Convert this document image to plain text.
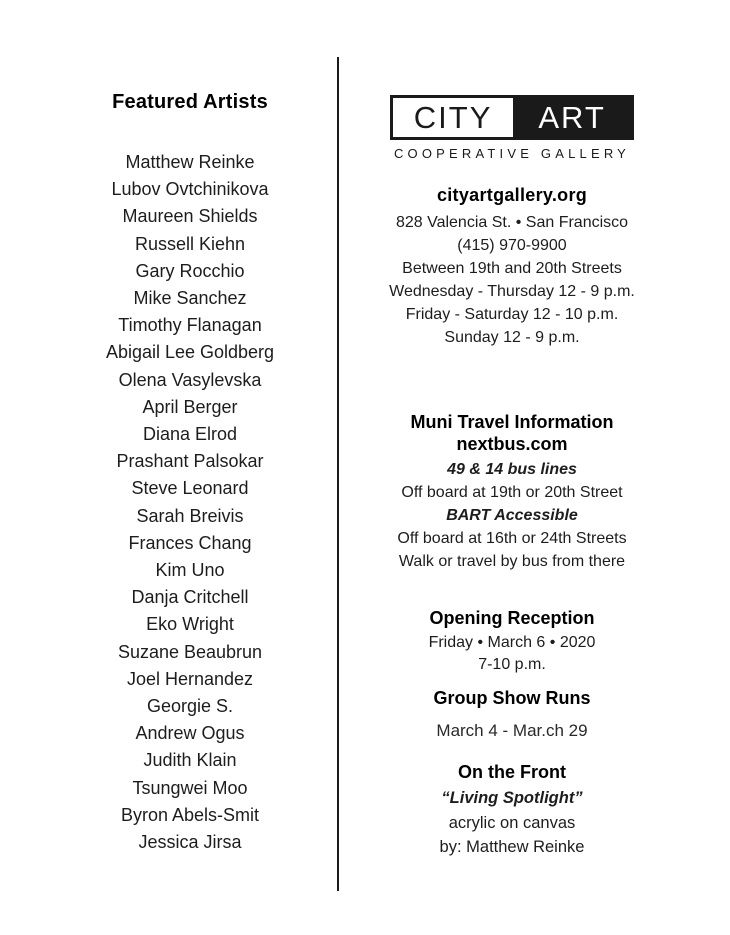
Featured Artists
Matthew Reinke
Lubov Ovtchinikova
Maureen Shields
Russell Kiehn
Gary Rocchio
Mike Sanchez
Timothy Flanagan
Abigail Lee Goldberg
Olena Vasylevska
April Berger
Diana Elrod
Prashant Palsokar
Steve Leonard
Sarah Breivis
Frances Chang
Kim Uno
Danja Critchell
Eko Wright
Suzane Beaubrun
Joel Hernandez
Georgie S.
Andrew Ogus
Judith Klain
Tsungwei Moo
Byron Abels-Smit
Jessica Jirsa
CITY	ART
COOPERATIVE GALLERY
cityartgallery.org
828 Valencia St. • San Francisco
(415) 970-9900
Between 19th and 20th Streets
Wednesday - Thursday 12 - 9 p.m.
Friday - Saturday 12 - 10 p.m.
Sunday 12 - 9 p.m.
Muni Travel Information
nextbus.com
49 & 14 bus lines
Off board at 19th or 20th Street
BART Accessible
Off board at 16th or 24th Streets
Walk or travel by bus from there
Opening Reception
Friday • March 6 • 2020
7-10 p.m.
Group Show Runs
March 4 - Mar.ch 29
On the Front
“Living Spotlight”
acrylic on canvas
by: Matthew Reinke
